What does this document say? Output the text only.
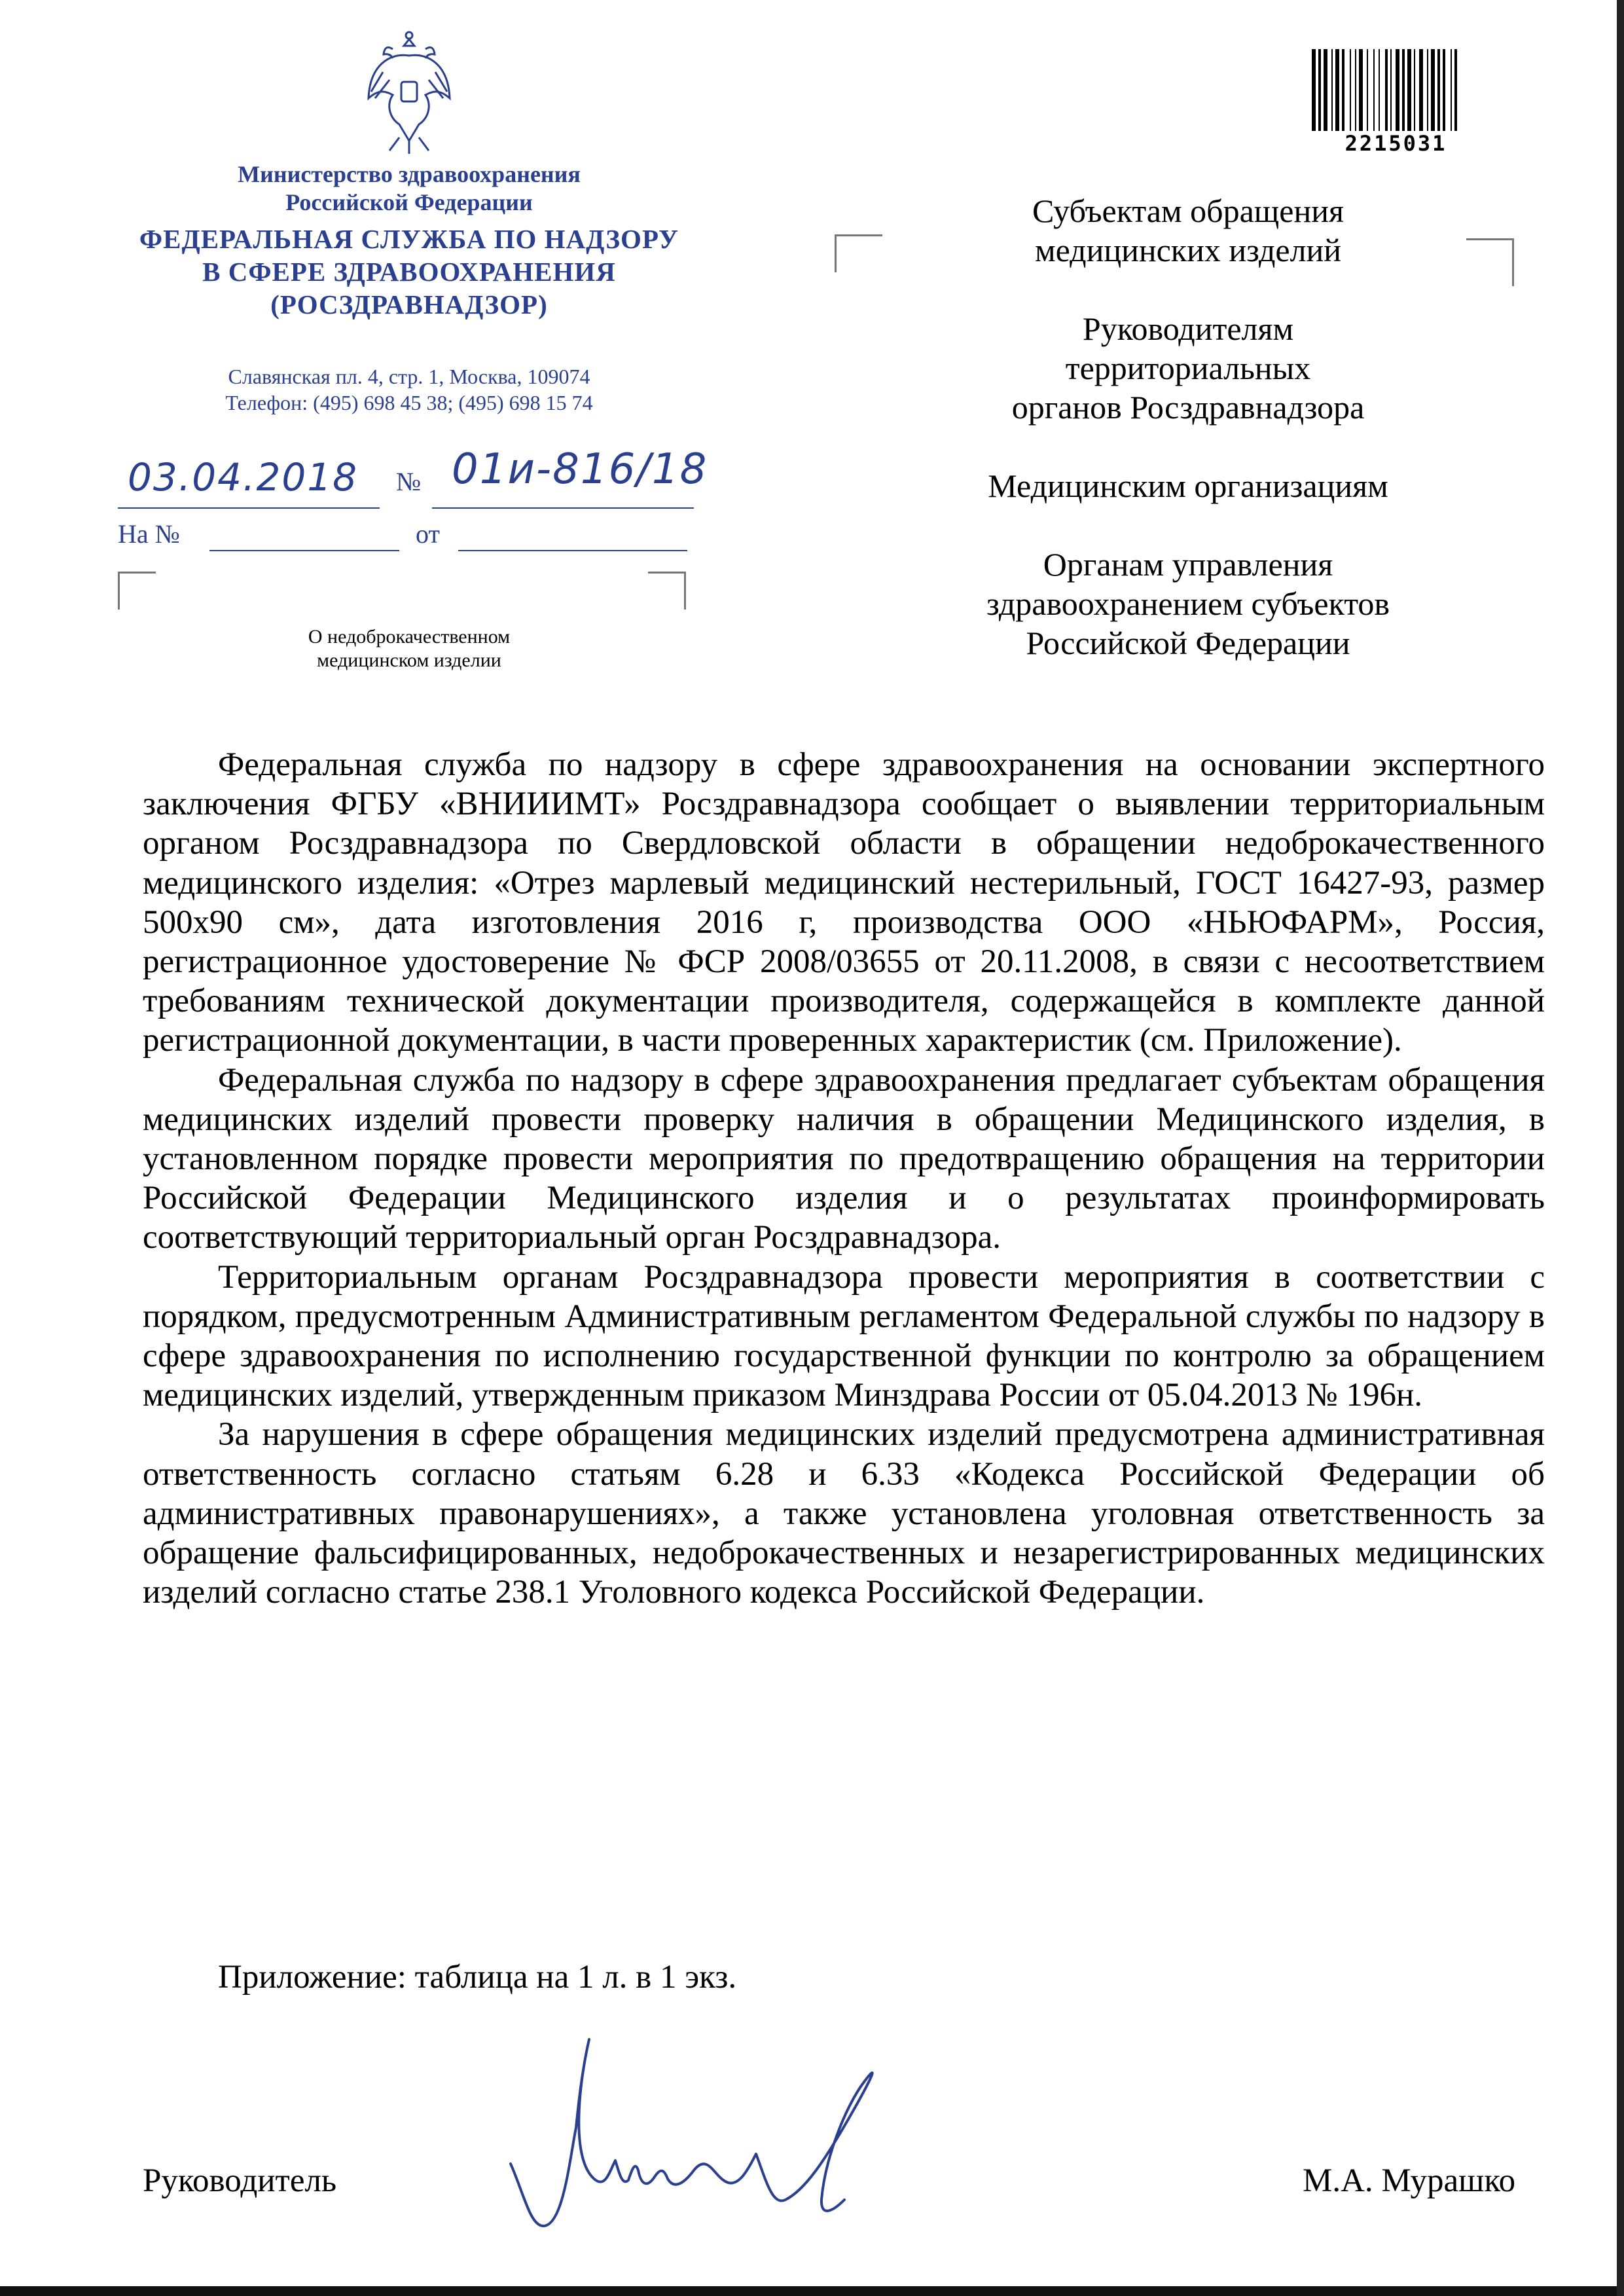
Министерство здравоохранения
Российской Федерации
ФЕДЕРАЛЬНАЯ СЛУЖБА ПО НАДЗОРУ
В СФЕРЕ ЗДРАВООХРАНЕНИЯ
(РОСЗДРАВНАДЗОР)
Славянская пл. 4, стр. 1, Москва, 109074
Телефон: (495) 698 45 38; (495) 698 15 74
03.04.2018 № 01и-816/18
На №	от
О недоброкачественном
медицинском изделии
2215031
Субъектам обращения
медицинских изделий
Руководителям
территориальных
органов Росздравнадзора
Медицинским организациям
Органам управления
здравоохранением субъектов
Российской Федерации

Федеральная служба по надзору в сфере здравоохранения на основании экспертного заключения ФГБУ «ВНИИИМТ» Росздравнадзора сообщает о выявлении территориальным органом Росздравнадзора по Свердловской области в обращении недоброкачественного медицинского изделия: «Отрез марлевый медицинский нестерильный, ГОСТ 16427-93, размер 500х90 см», дата изготовления 2016 г, производства ООО «НЬЮФАРМ», Россия, регистрационное удостоверение № ФСР 2008/03655 от 20.11.2008, в связи с несоответствием требованиям технической документации производителя, содержащейся в комплекте данной регистрационной документации, в части проверенных характеристик (см. Приложение).

Федеральная служба по надзору в сфере здравоохранения предлагает субъектам обращения медицинских изделий провести проверку наличия в обращении Медицинского изделия, в установленном порядке провести мероприятия по предотвращению обращения на территории Российской Федерации Медицинского изделия и о результатах проинформировать соответствующий территориальный орган Росздравнадзора.

Территориальным органам Росздравнадзора провести мероприятия в соответствии с порядком, предусмотренным Административным регламентом Федеральной службы по надзору в сфере здравоохранения по исполнению государственной функции по контролю за обращением медицинских изделий, утвержденным приказом Минздрава России от 05.04.2013 № 196н.

За нарушения в сфере обращения медицинских изделий предусмотрена административная ответственность согласно статьям 6.28 и 6.33 «Кодекса Российской Федерации об административных правонарушениях», а также установлена уголовная ответственность за обращение фальсифицированных, недоброкачественных и незарегистрированных медицинских изделий согласно статье 238.1 Уголовного кодекса Российской Федерации.

Приложение: таблица на 1 л. в 1 экз.
Руководитель	М.А. Мурашко
